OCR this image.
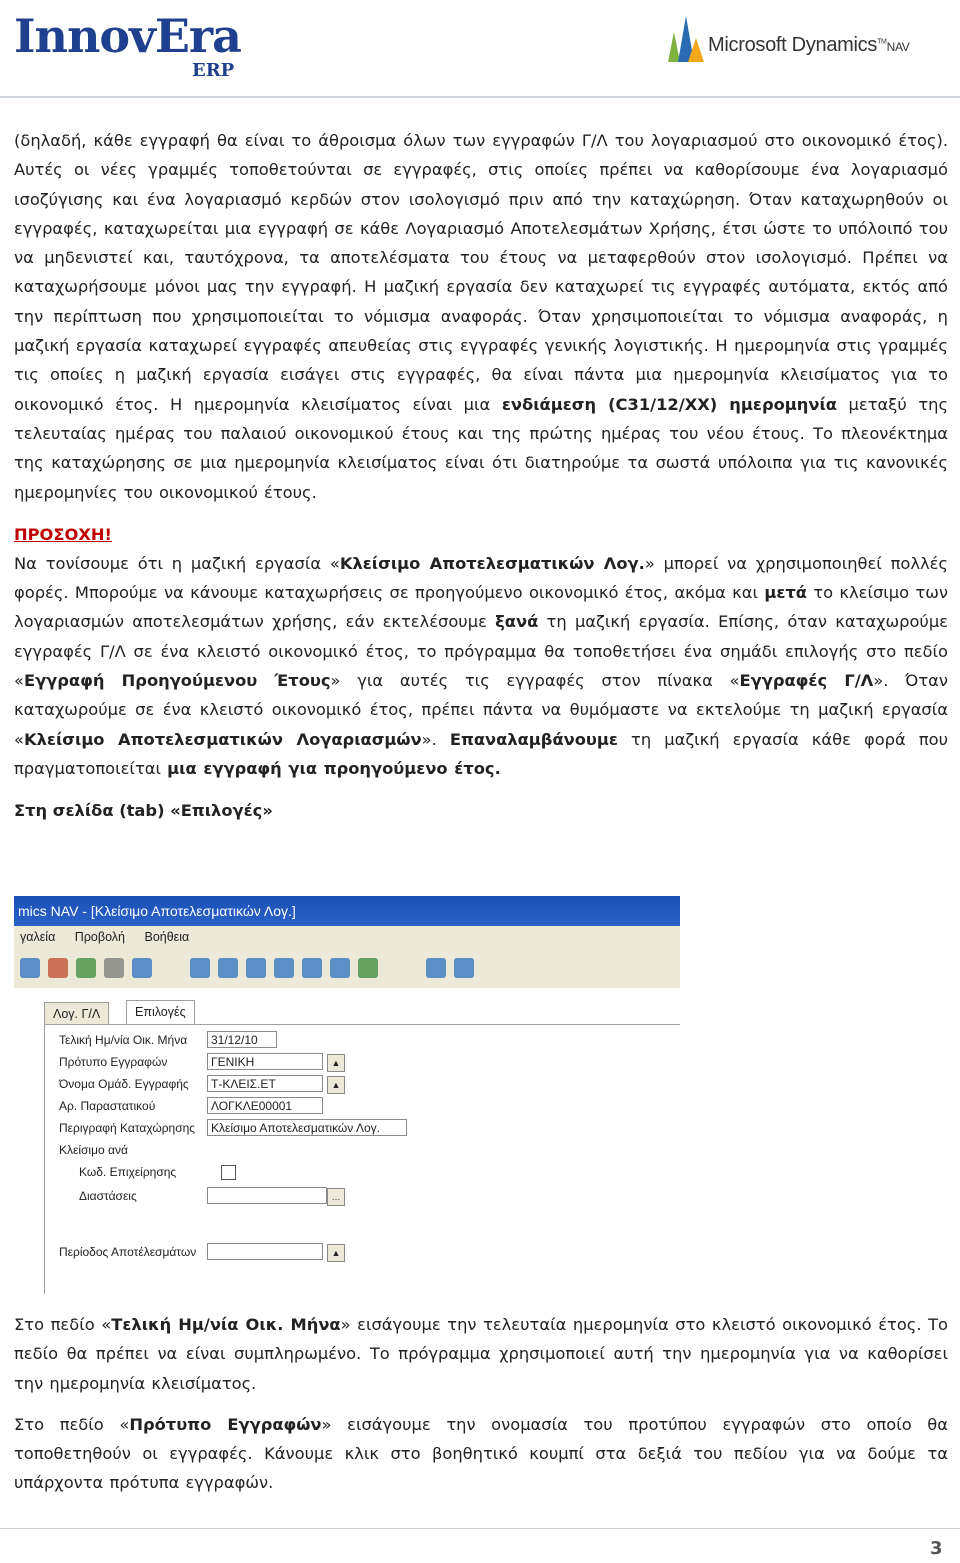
InnovEra
ERP
Microsoft Dynamics™NAV

(δηλαδή, κάθε εγγραφή θα είναι το άθροισμα όλων των εγγραφών Γ/Λ του λογαριασμού στο οικονομικό έτος). Αυτές οι νέες γραμμές τοποθετούνται σε εγγραφές, στις οποίες πρέπει να καθορίσουμε ένα λογαριασμό ισοζύγισης και ένα λογαριασμό κερδών στον ισολογισμό πριν από την καταχώρηση. Όταν καταχωρηθούν οι εγγραφές, καταχωρείται μια εγγραφή σε κάθε Λογαριασμό Αποτελεσμάτων Χρήσης, έτσι ώστε το υπόλοιπό του να μηδενιστεί και, ταυτόχρονα, τα αποτελέσματα του έτους να μεταφερθούν στον ισολογισμό. Πρέπει να καταχωρήσουμε μόνοι μας την εγγραφή. Η μαζική εργασία δεν καταχωρεί τις εγγραφές αυτόματα, εκτός από την περίπτωση που χρησιμοποιείται το νόμισμα αναφοράς. Όταν χρησιμοποιείται το νόμισμα αναφοράς, η μαζική εργασία καταχωρεί εγγραφές απευθείας στις εγγραφές γενικής λογιστικής. Η ημερομηνία στις γραμμές τις οποίες η μαζική εργασία εισάγει στις εγγραφές, θα είναι πάντα μια ημερομηνία κλεισίματος για το οικονομικό έτος. Η ημερομηνία κλεισίματος είναι μια ενδιάμεση (C31/12/XX) ημερομηνία μεταξύ της τελευταίας ημέρας του παλαιού οικονομικού έτους και της πρώτης ημέρας του νέου έτους. Το πλεονέκτημα της καταχώρησης σε μια ημερομηνία κλεισίματος είναι ότι διατηρούμε τα σωστά υπόλοιπα για τις κανονικές ημερομηνίες του οικονομικού έτους.

ΠΡΟΣΟΧΗ!

Να τονίσουμε ότι η μαζική εργασία «Κλείσιμο Αποτελεσματικών Λογ.» μπορεί να χρησιμοποιηθεί πολλές φορές. Μπορούμε να κάνουμε καταχωρήσεις σε προηγούμενο οικονομικό έτος, ακόμα και μετά το κλείσιμο των λογαριασμών αποτελεσμάτων χρήσης, εάν εκτελέσουμε ξανά τη μαζική εργασία. Επίσης, όταν καταχωρούμε εγγραφές Γ/Λ σε ένα κλειστό οικονομικό έτος, το πρόγραμμα θα τοποθετήσει ένα σημάδι επιλογής στο πεδίο «Εγγραφή Προηγούμενου Έτους» για αυτές τις εγγραφές στον πίνακα «Εγγραφές Γ/Λ». Όταν καταχωρούμε σε ένα κλειστό οικονομικό έτος, πρέπει πάντα να θυμόμαστε να εκτελούμε τη μαζική εργασία «Κλείσιμο Αποτελεσματικών Λογαριασμών». Επαναλαμβάνουμε τη μαζική εργασία κάθε φορά που πραγματοποιείται μια εγγραφή για προηγούμενο έτος.

Στη σελίδα (tab) «Επιλογές»

mics NAV - [Κλείσιμο Αποτελεσματικών Λογ.]
γαλεία Προβολή Βοήθεια
Λογ. Γ/Λ	Επιλογές
Τελική Ημ/νία Οικ. Μήνα	31/12/10
Πρότυπο Εγγραφών	ΓΕΝΙΚΗ	▲
Όνομα Ομάδ. Εγγραφής	Τ-ΚΛΕΙΣ.ΕΤ	▲
Αρ. Παραστατικού	ΛΟΓΚΛΕ00001
Περιγραφή Καταχώρησης	Κλείσιμο Αποτελεσματικών Λογ.
Κλείσιμο ανά
Κωδ. Επιχείρησης
Διαστάσεις	…
Περίοδος Αποτέλεσμάτων	▲

Στο πεδίο «Τελική Ημ/νία Οικ. Μήνα» εισάγουμε την τελευταία ημερομηνία στο κλειστό οικονομικό έτος. Το πεδίο θα πρέπει να είναι συμπληρωμένο. Το πρόγραμμα χρησιμοποιεί αυτή την ημερομηνία για να καθορίσει την ημερομηνία κλεισίματος.

Στο πεδίο «Πρότυπο Εγγραφών» εισάγουμε την ονομασία του προτύπου εγγραφών στο οποίο θα τοποθετηθούν οι εγγραφές. Κάνουμε κλικ στο βοηθητικό κουμπί στα δεξιά του πεδίου για να δούμε τα υπάρχοντα πρότυπα εγγραφών.

3
